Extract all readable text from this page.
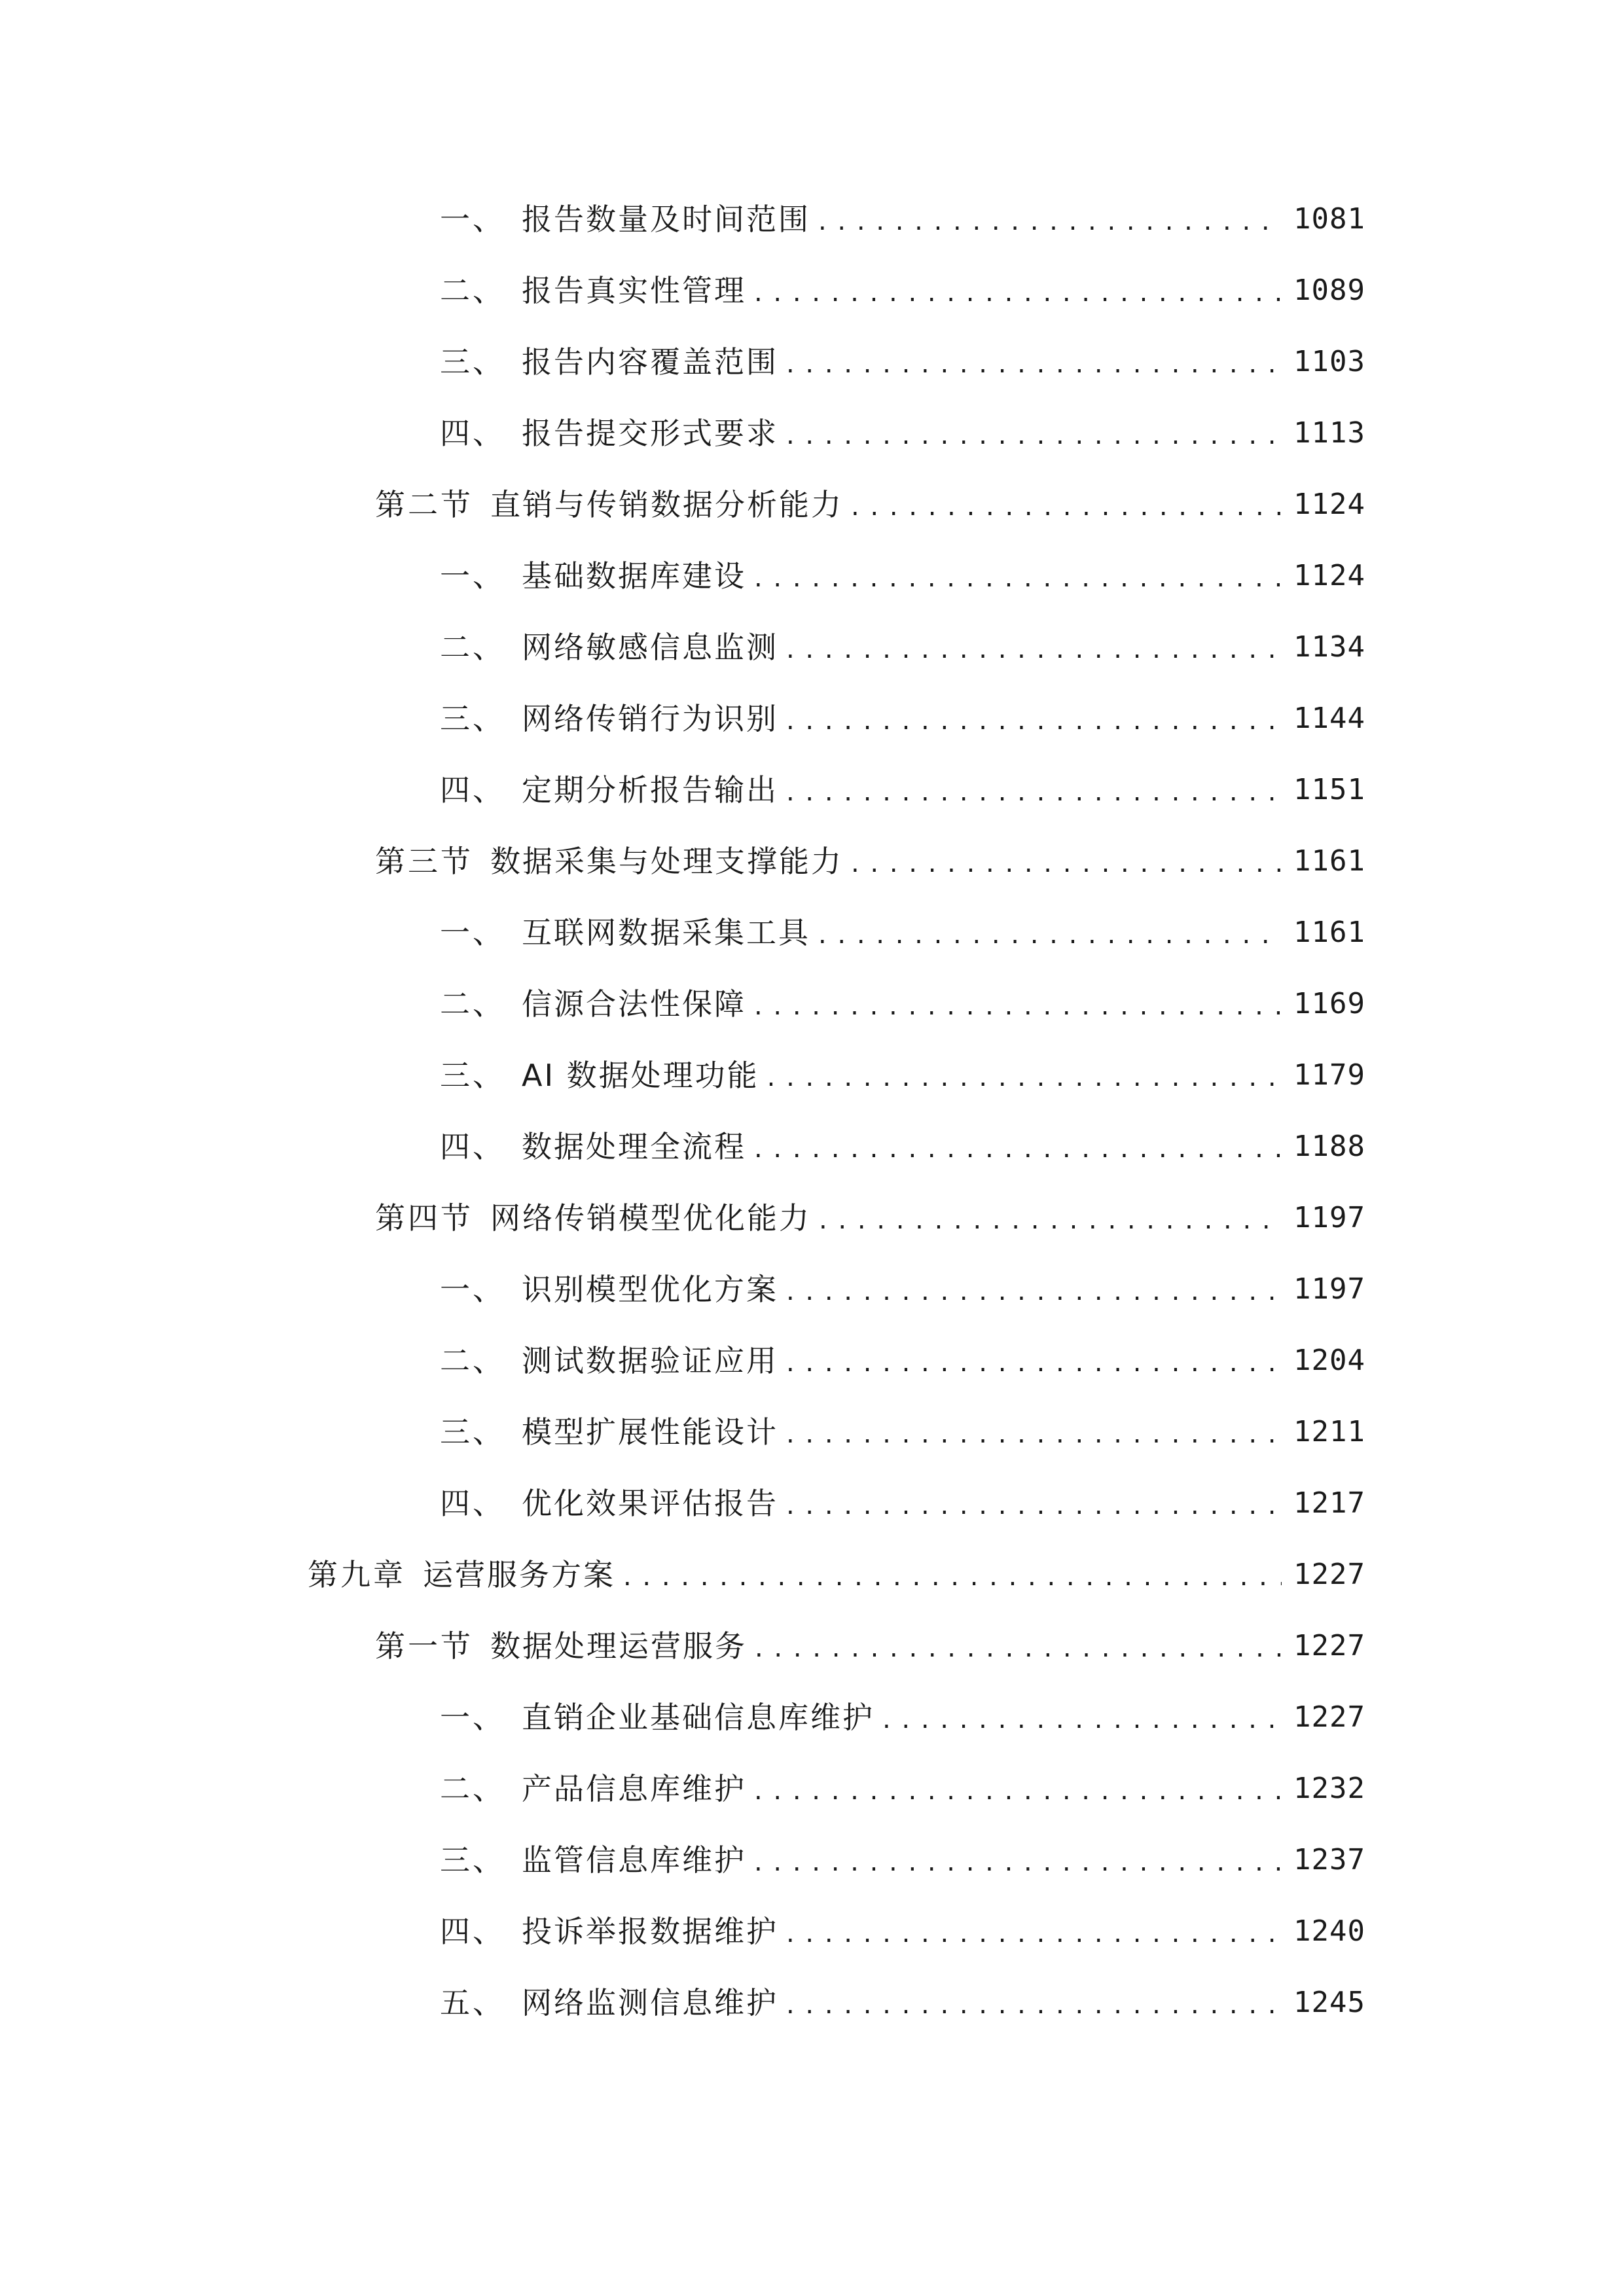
一、 报告数量及时间范围 . . .	1081
二、 报告真实性管理 . . .	1089
三、 报告内容覆盖范围 . . .	1103
四、 报告提交形式要求 . . .	1113
第二节 直销与传销数据分析能力 . . .	1124
一、 基础数据库建设 . . .	1124
二、 网络敏感信息监测 . . .	1134
三、 网络传销行为识别 . . .	1144
四、 定期分析报告输出 . . .	1151
第三节 数据采集与处理支撑能力 . . .	1161
一、 互联网数据采集工具 . . .	1161
二、 信源合法性保障 . . .	1169
三、 AI 数据处理功能 . . .	1179
四、 数据处理全流程 . . .	1188
第四节 网络传销模型优化能力 . . .	1197
一、 识别模型优化方案 . . .	1197
二、 测试数据验证应用 . . .	1204
三、 模型扩展性能设计 . . .	1211
四、 优化效果评估报告 . . .	1217
第九章 运营服务方案 . . .	1227
第一节 数据处理运营服务 . . .	1227
一、 直销企业基础信息库维护 . . .	1227
二、 产品信息库维护 . . .	1232
三、 监管信息库维护 . . .	1237
四、 投诉举报数据维护 . . .	1240
五、 网络监测信息维护 . . .	1245
